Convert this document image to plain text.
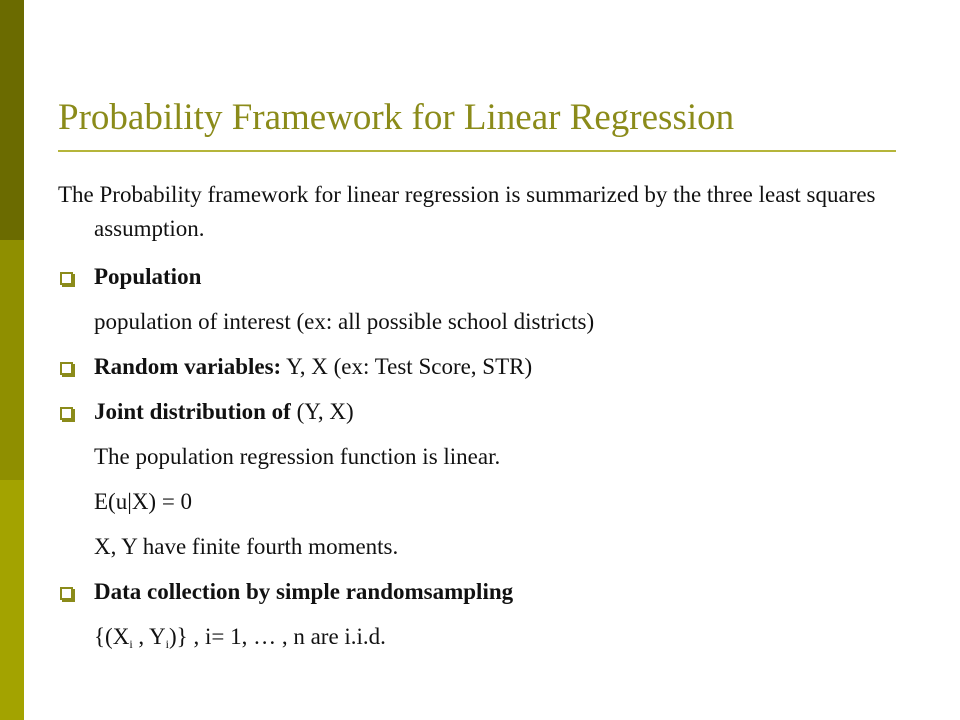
Probability Framework for Linear Regression

The Probability framework for linear regression is summarized by the three least squares assumption.

Population
population of interest (ex: all possible school districts)
Random variables: Y, X (ex: Test Score, STR)
Joint distribution of (Y, X)
The population regression function is linear.
E(u|X) = 0
X, Y have finite fourth moments.
Data collection by simple randomsampling
{($X_i$ , $Y_i$)} , i= 1, … , n are i.i.d.
